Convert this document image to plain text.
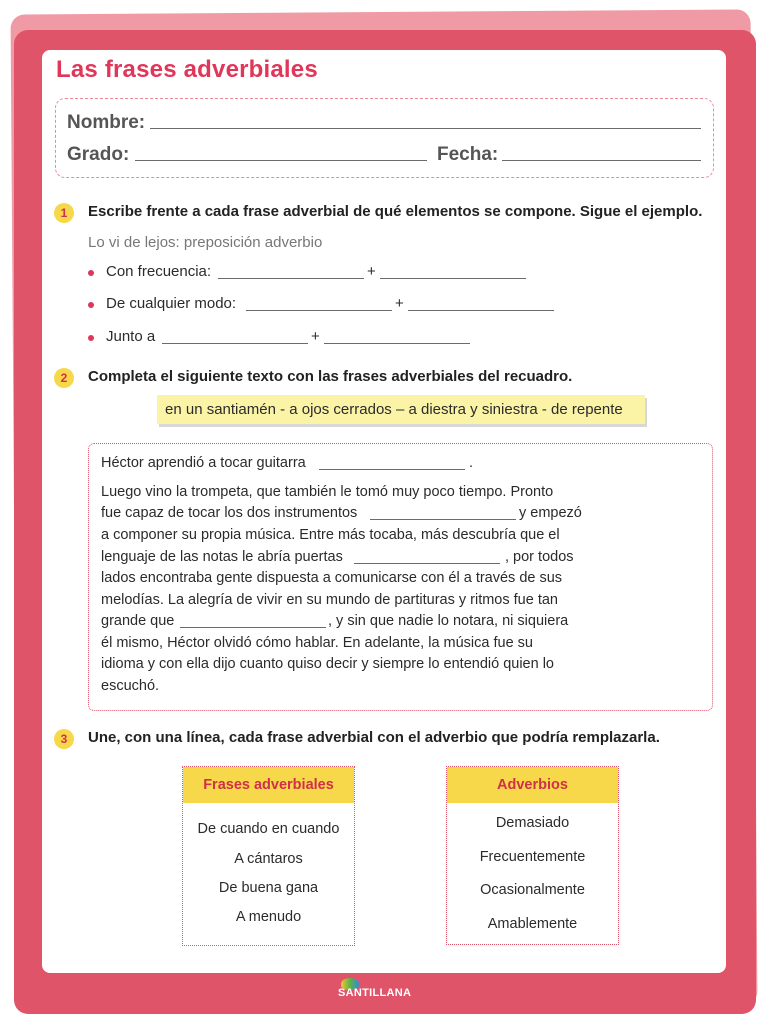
Las frases adverbiales
Nombre:
Grado:	Fecha:
1	Escribe frente a cada frase adverbial de qué elementos se compone. Sigue el ejemplo.
Lo vi de lejos: preposición adverbio
Con frecuencia:	+
De cualquier modo:	+
Junto a	+
2	Completa el siguiente texto con las frases adverbiales del recuadro.
en un santiamén - a ojos cerrados – a diestra y siniestra - de repente
Héctor aprendió a tocar guitarra	.
Luego vino la trompeta, que también le tomó muy poco tiempo. Pronto
fue capaz de tocar los dos instrumentos	y empezó
a componer su propia música. Entre más tocaba, más descubría que el
lenguaje de las notas le abría puertas	, por todos
lados encontraba gente dispuesta a comunicarse con él a través de sus
melodías. La alegría de vivir en su mundo de partituras y ritmos fue tan
grande que	, y sin que nadie lo notara, ni siquiera
él mismo, Héctor olvidó cómo hablar. En adelante, la música fue su
idioma y con ella dijo cuanto quiso decir y siempre lo entendió quien lo
escuchó.
3	Une, con una línea, cada frase adverbial con el adverbio que podría remplazarla.
Frases adverbiales
De cuando en cuando
A cántaros
De buena gana
A menudo
Adverbios
Demasiado
Frecuentemente
Ocasionalmente
Amablemente
SANTILLANA
